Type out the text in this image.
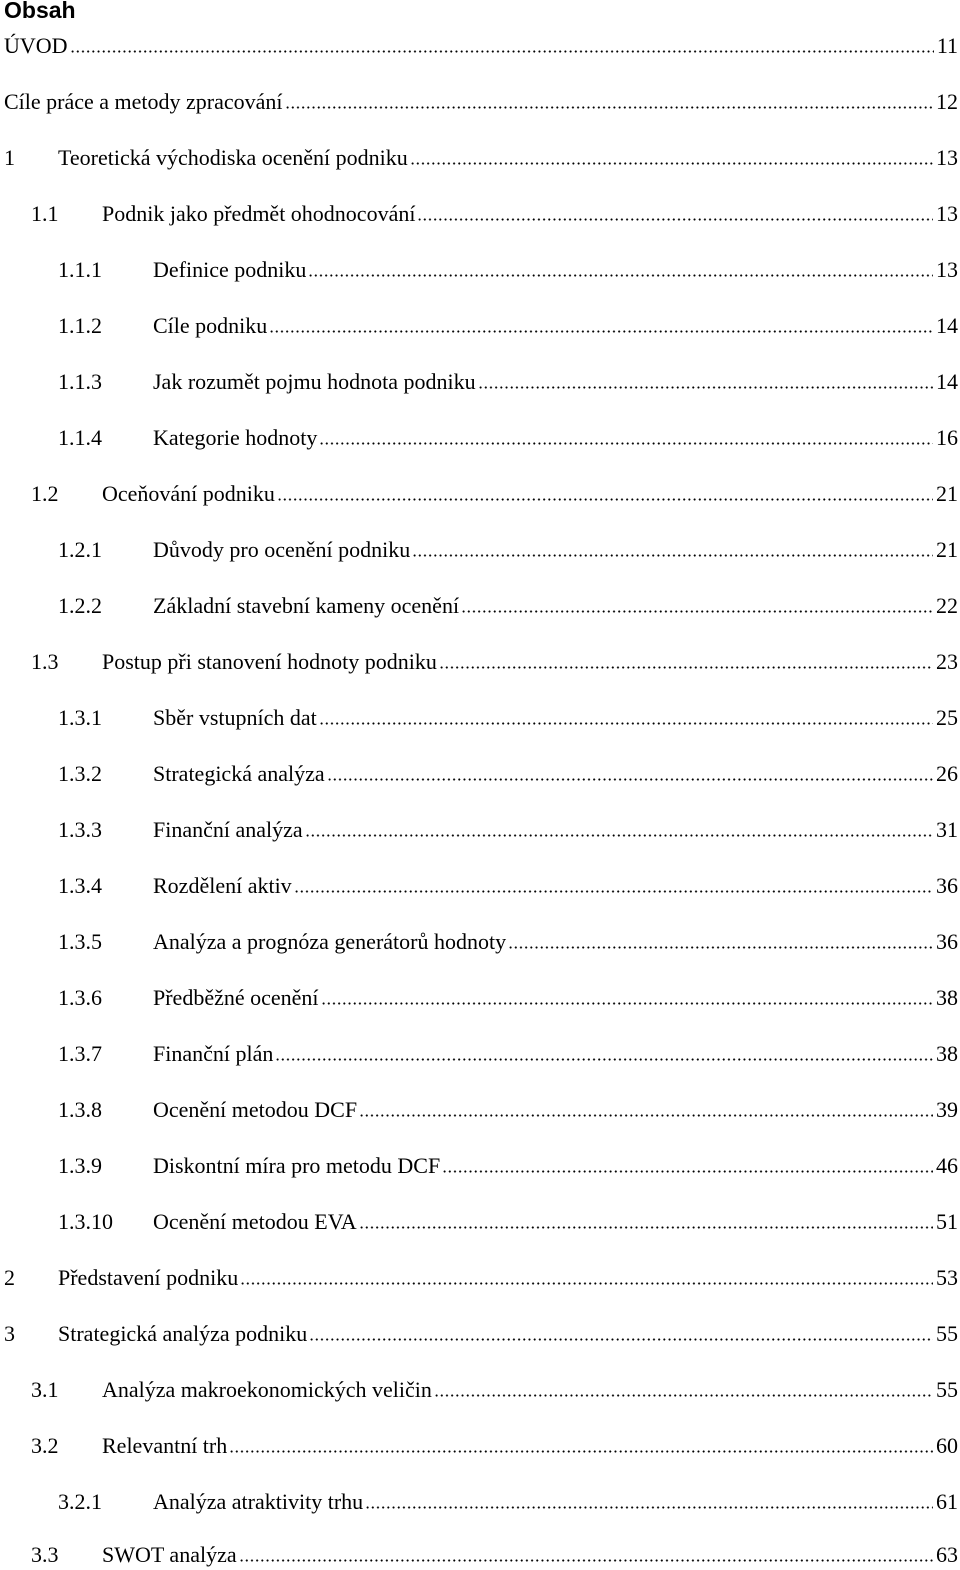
Obsah
ÚVOD	11
Cíle práce a metody zpracování	12
1	Teoretická východiska ocenění podniku	13
1.1	Podnik jako předmět ohodnocování	13
1.1.1	Definice podniku	13
1.1.2	Cíle podniku	14
1.1.3	Jak rozumět pojmu hodnota podniku	14
1.1.4	Kategorie hodnoty	16
1.2	Oceňování podniku	21
1.2.1	Důvody pro ocenění podniku	21
1.2.2	Základní stavební kameny ocenění	22
1.3	Postup při stanovení hodnoty podniku	23
1.3.1	Sběr vstupních dat	25
1.3.2	Strategická analýza	26
1.3.3	Finanční analýza	31
1.3.4	Rozdělení aktiv	36
1.3.5	Analýza a prognóza generátorů hodnoty	36
1.3.6	Předběžné ocenění	38
1.3.7	Finanční plán	38
1.3.8	Ocenění metodou DCF	39
1.3.9	Diskontní míra pro metodu DCF	46
1.3.10	Ocenění metodou EVA	51
2	Představení podniku	53
3	Strategická analýza podniku	55
3.1	Analýza makroekonomických veličin	55
3.2	Relevantní trh	60
3.2.1	Analýza atraktivity trhu	61
3.3	SWOT analýza	63
